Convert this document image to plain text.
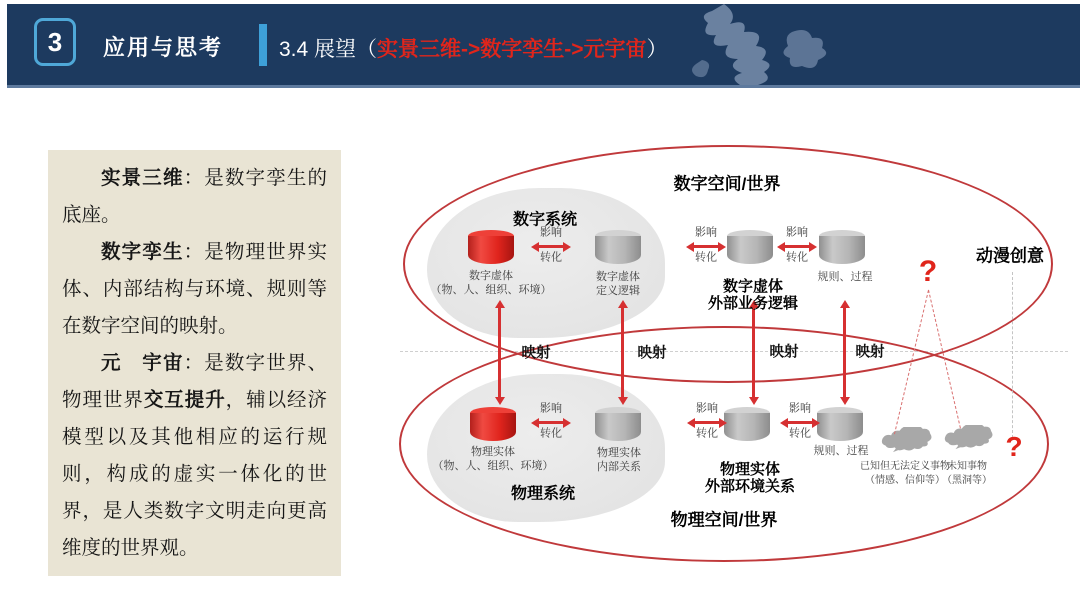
3 应用与思考	3.4 展望（实景三维->数字孪生->元宇宙）

实景三维：是数字孪生的底座。

数字孪生：是物理世界实体、内部结构与环境、规则等在数字空间的映射。

元　宇宙：是数字世界、物理世界交互提升，辅以经济模型以及其他相应的运行规则，构成的虚实一体化的世界，是人类数字文明走向更高维度的世界观。

数字空间/世界
物理空间/世界
数字系统
物理系统
动漫创意
影响
转化
影响
转化
影响
转化
影响
转化
影响
转化
影响
转化
映射	映射	映射	映射
数字虚体
（物、人、组织、环境）
数字虚体
定义逻辑	数字虚体
外部业务逻辑
规则、过程
物理实体
（物、人、组织、环境）
物理实体
内部关系	物理实体
外部环境关系
规则、过程
已知但无法定义事物
（情感、信仰等）
未知事物
（黑洞等）
?
?
